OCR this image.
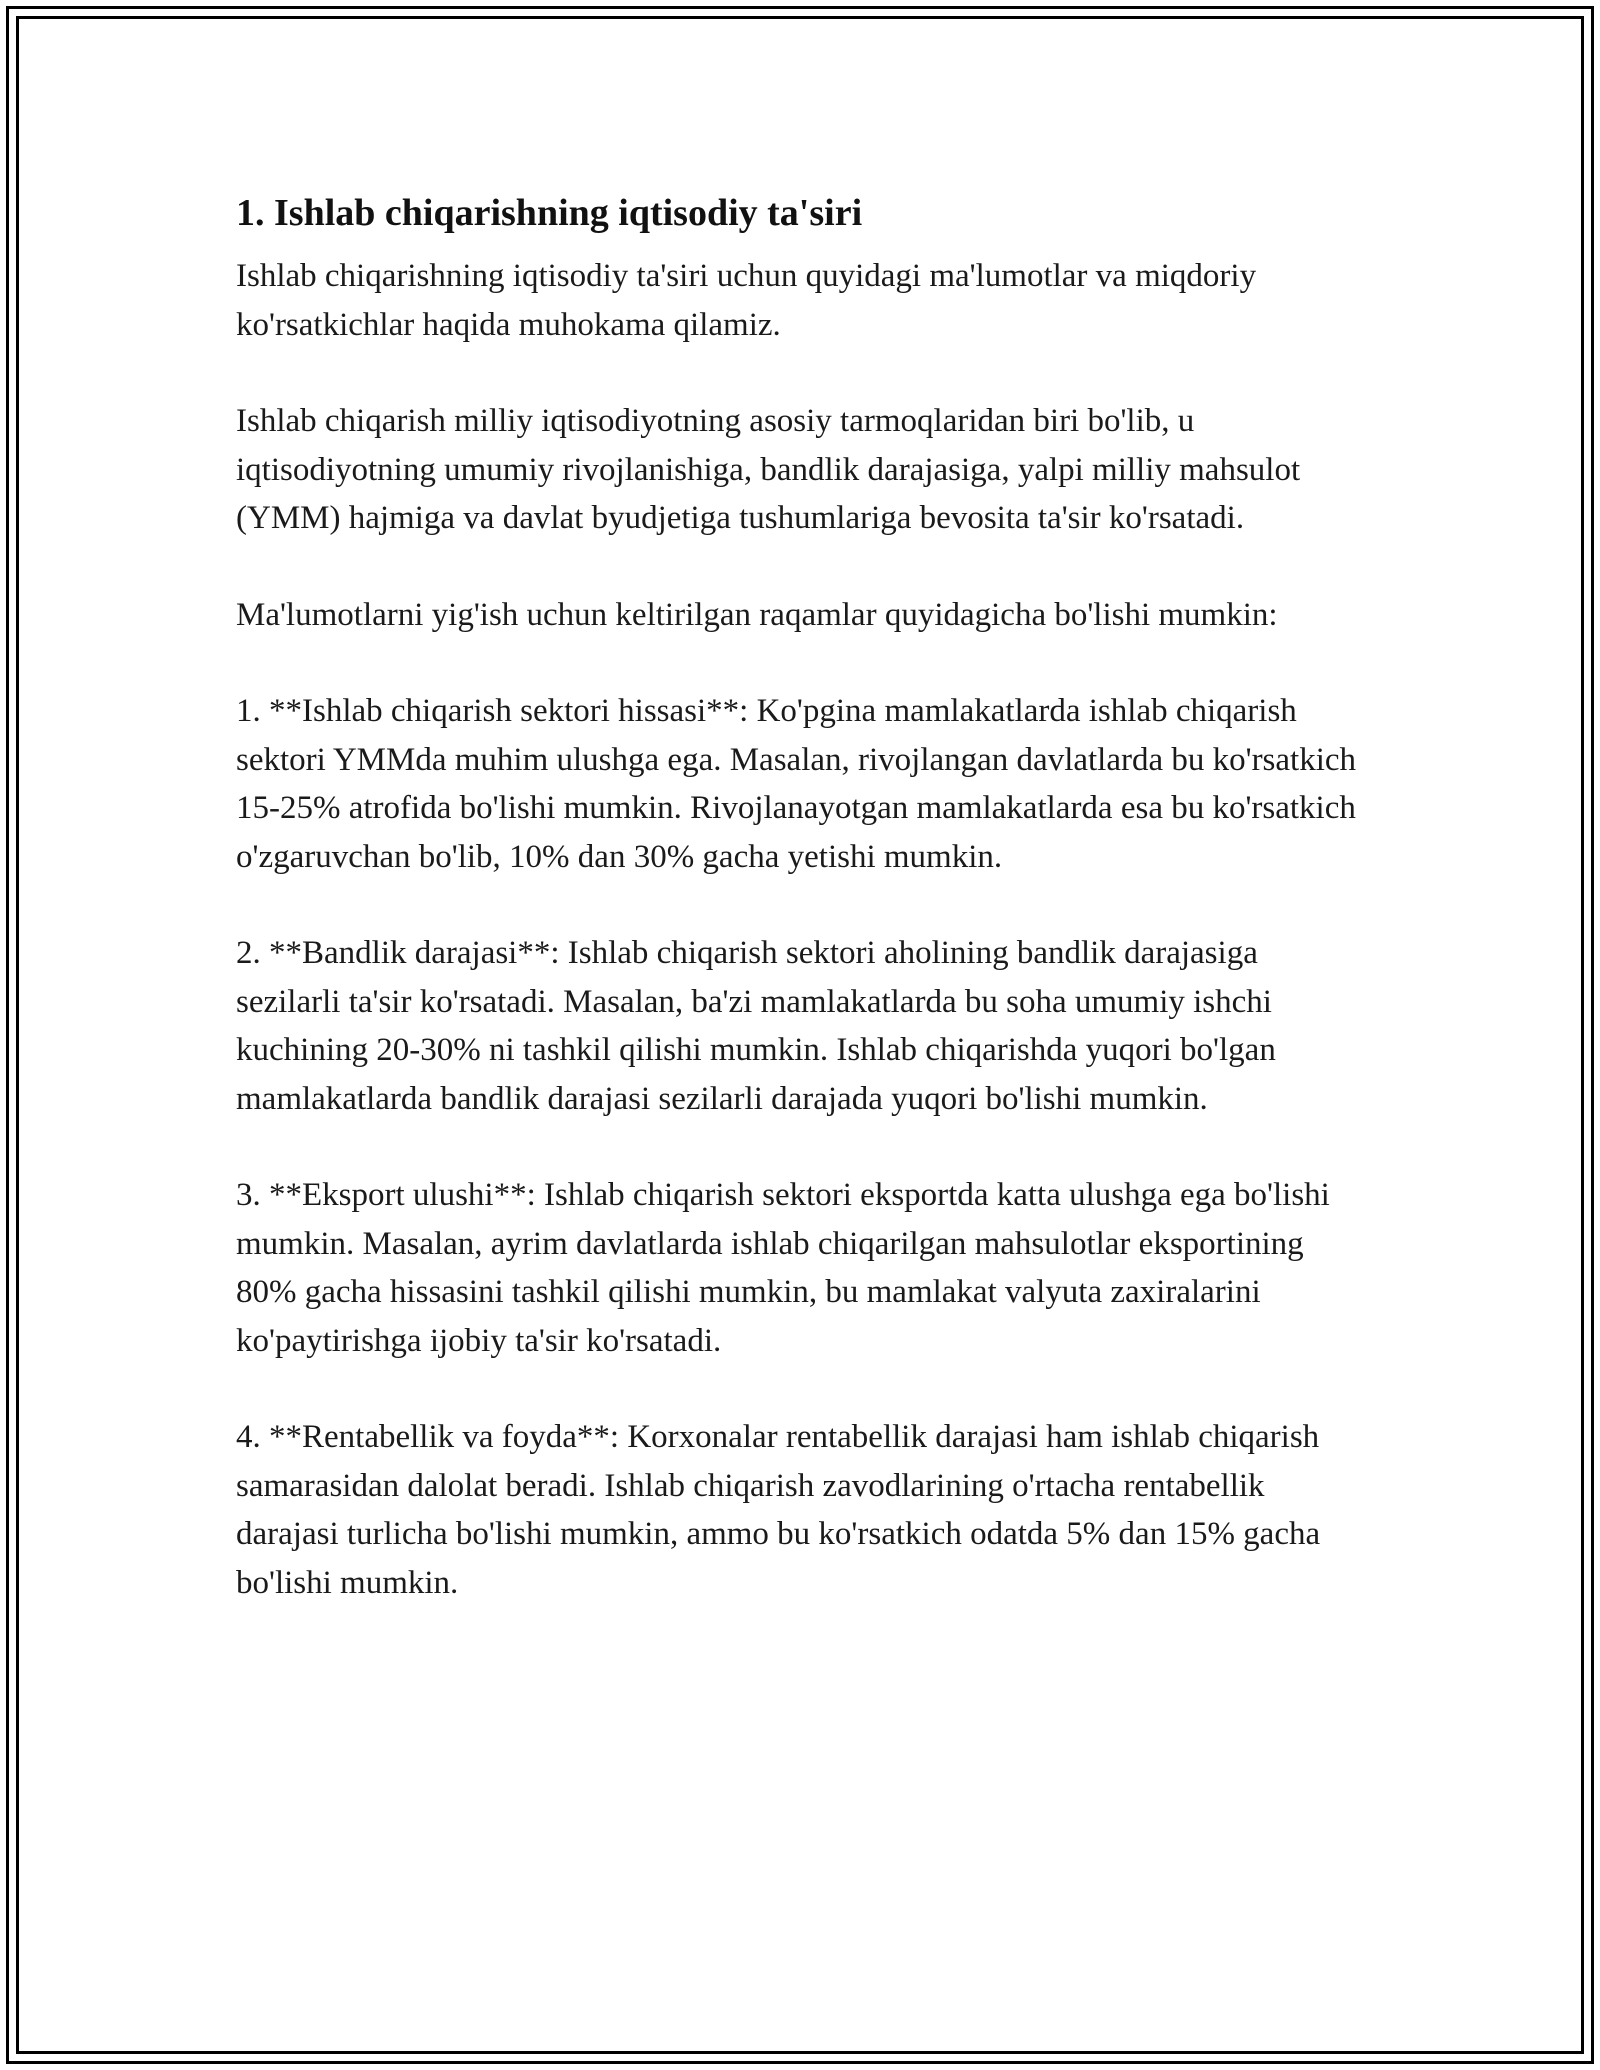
1. Ishlab chiqarishning iqtisodiy ta'siri

Ishlab chiqarishning iqtisodiy ta'siri uchun quyidagi ma'lumotlar va miqdoriy ko'rsatkichlar haqida muhokama qilamiz.

Ishlab chiqarish milliy iqtisodiyotning asosiy tarmoqlaridan biri bo'lib, u iqtisodiyotning umumiy rivojlanishiga, bandlik darajasiga, yalpi milliy mahsulot (YMM) hajmiga va davlat byudjetiga tushumlariga bevosita ta'sir ko'rsatadi.

Ma'lumotlarni yig'ish uchun keltirilgan raqamlar quyidagicha bo'lishi mumkin:

1. **Ishlab chiqarish sektori hissasi**: Ko'pgina mamlakatlarda ishlab chiqarish sektori YMMda muhim ulushga ega. Masalan, rivojlangan davlatlarda bu ko'rsatkich 15-25% atrofida bo'lishi mumkin. Rivojlanayotgan mamlakatlarda esa bu ko'rsatkich o'zgaruvchan bo'lib, 10% dan 30% gacha yetishi mumkin.

2. **Bandlik darajasi**: Ishlab chiqarish sektori aholining bandlik darajasiga sezilarli ta'sir ko'rsatadi. Masalan, ba'zi mamlakatlarda bu soha umumiy ishchi kuchining 20-30% ni tashkil qilishi mumkin. Ishlab chiqarishda yuqori bo'lgan mamlakatlarda bandlik darajasi sezilarli darajada yuqori bo'lishi mumkin.

3. **Eksport ulushi**: Ishlab chiqarish sektori eksportda katta ulushga ega bo'lishi mumkin. Masalan, ayrim davlatlarda ishlab chiqarilgan mahsulotlar eksportining 80% gacha hissasini tashkil qilishi mumkin, bu mamlakat valyuta zaxiralarini ko'paytirishga ijobiy ta'sir ko'rsatadi.

4. **Rentabellik va foyda**: Korxonalar rentabellik darajasi ham ishlab chiqarish samarasidan dalolat beradi. Ishlab chiqarish zavodlarining o'rtacha rentabellik darajasi turlicha bo'lishi mumkin, ammo bu ko'rsatkich odatda 5% dan 15% gacha bo'lishi mumkin.
